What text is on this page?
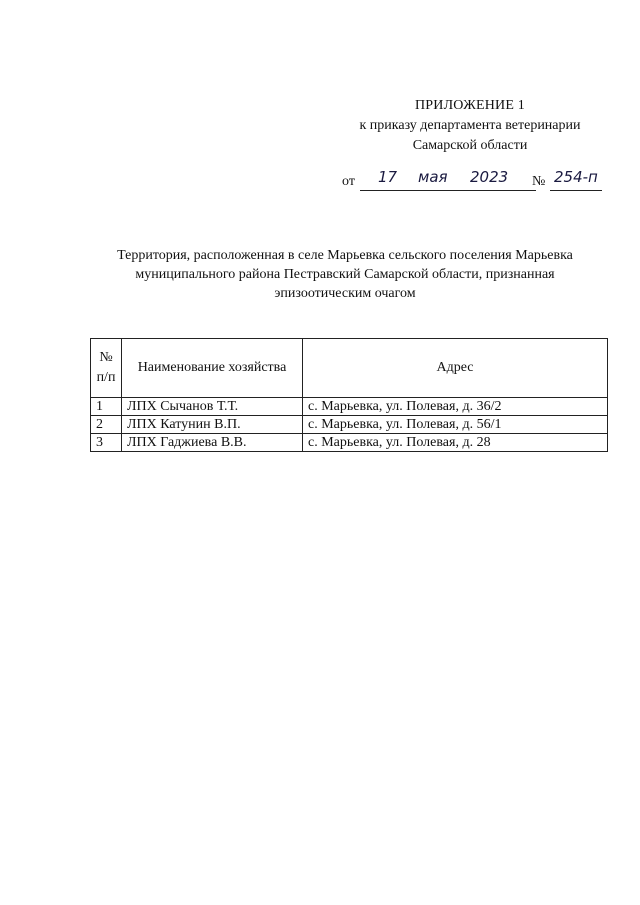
ПРИЛОЖЕНИЕ 1
к приказу департамента ветеринарии
Самарской области
от 17 мая 2023 № 254-п
Территория, расположенная в селе Марьевка сельского поселения Марьевка
муниципального района Пестравский Самарской области, признанная
эпизоотическим очагом
№
п/п	Наименование хозяйства	Адрес
1	ЛПХ Сычанов Т.Т.	с. Марьевка, ул. Полевая, д. 36/2
2	ЛПХ Катунин В.П.	с. Марьевка, ул. Полевая, д. 56/1
3	ЛПХ Гаджиева В.В.	с. Марьевка, ул. Полевая, д. 28
